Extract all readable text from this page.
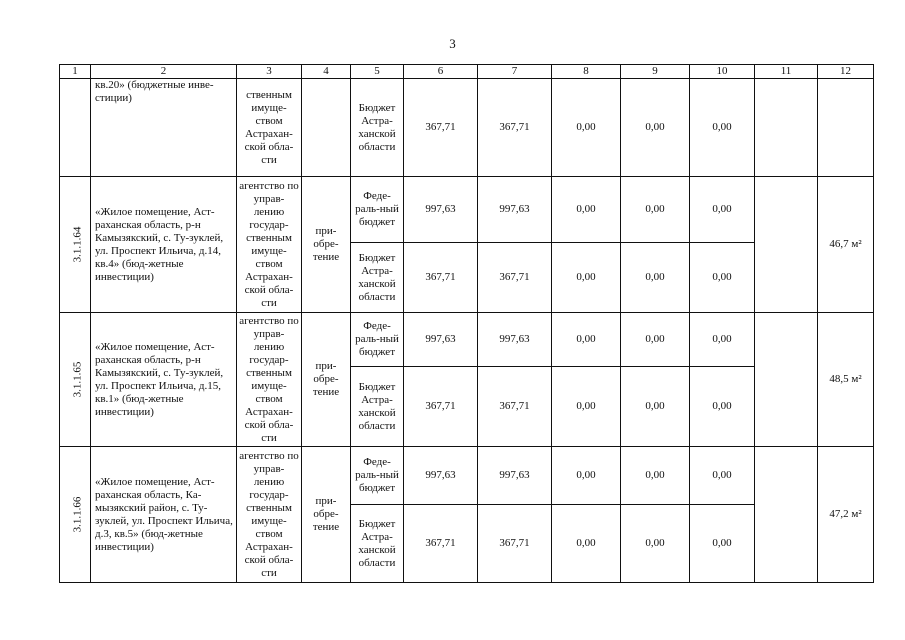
3
1	2	3	4	5	6	7	8	9	10	11	12
	кв.20» (бюджетные инве-стиции)	ственным имуще-ством Астрахан-ской обла-сти		Бюджет Астра-ханской области	367,71	367,71	0,00	0,00	0,00		
3.1.1.64	«Жилое помещение, Аст-раханская область, р-н Камызякский, с. Ту-зуклей, ул. Проспект Ильича, д.14, кв.4» (бюд-жетные инвестиции)	агентство по управ-лению государ-ственным имуще-ством Астрахан-ской обла-сти	при-обре-тение	Феде-раль-ный бюджет	997,63	997,63	0,00	0,00	0,00		46,7 м²
				Бюджет Астра-ханской области	367,71	367,71	0,00	0,00	0,00		
3.1.1.65	«Жилое помещение, Аст-раханская область, р-н Камызякский, с. Ту-зуклей, ул. Проспект Ильича, д.15, кв.1» (бюд-жетные инвестиции)	агентство по управ-лению государ-ственным имуще-ством Астрахан-ской обла-сти	при-обре-тение	Феде-раль-ный бюджет	997,63	997,63	0,00	0,00	0,00		48,5 м²
				Бюджет Астра-ханской области	367,71	367,71	0,00	0,00	0,00		
3.1.1.66	«Жилое помещение, Аст-раханская область, Ка-мызякский район, с. Ту-зуклей, ул. Проспект Ильича, д.3, кв.5» (бюд-жетные инвестиции)	агентство по управ-лению государ-ственным имуще-ством Астрахан-ской обла-сти	при-обре-тение	Феде-раль-ный бюджет	997,63	997,63	0,00	0,00	0,00		47,2 м²
				Бюджет Астра-ханской области	367,71	367,71	0,00	0,00	0,00		
